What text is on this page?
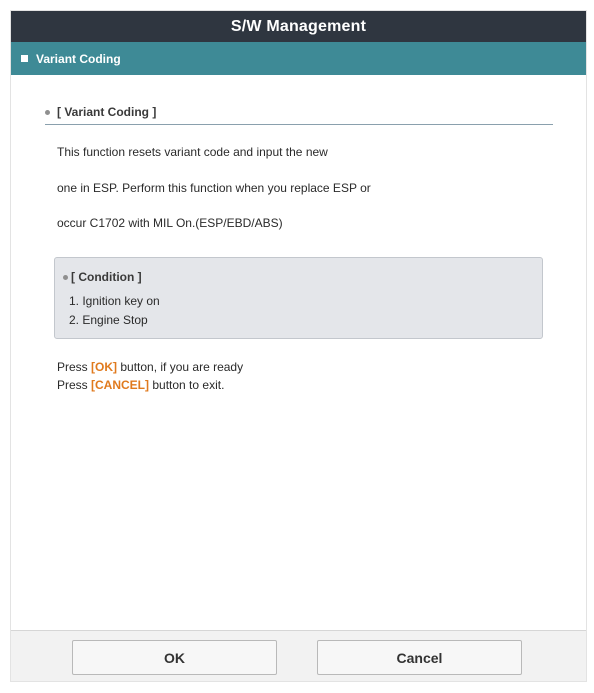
S/W Management
Variant Coding
[ Variant Coding ]
This function resets variant code and input the new
one in ESP. Perform this function when you replace ESP or
occur C1702 with MIL On.(ESP/EBD/ABS)
[ Condition ]
1. Ignition key on
2. Engine Stop
Press [OK] button, if you are ready
Press [CANCEL] button to exit.
OK	Cancel
